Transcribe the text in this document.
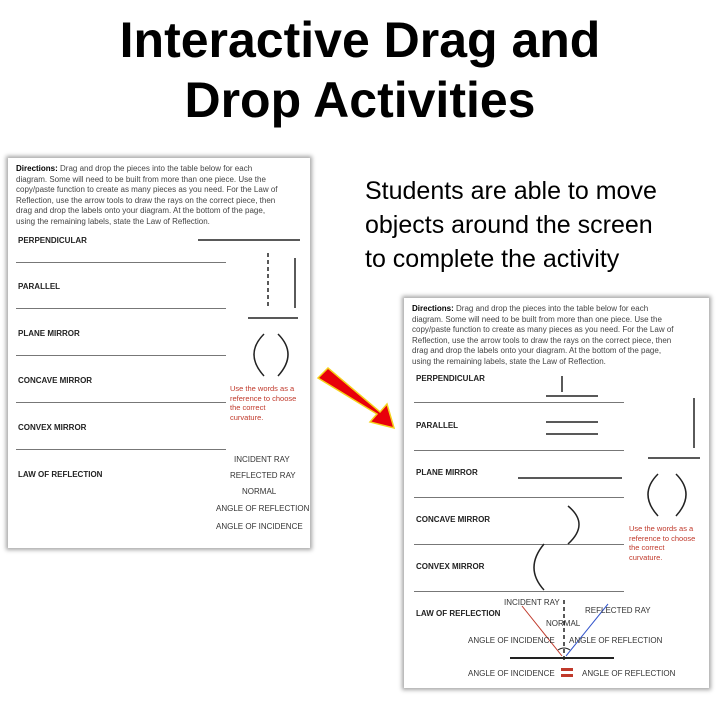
Interactive Drag and
Drop Activities
Students are able to move
objects around the screen
to complete the activity
Directions: Drag and drop the pieces into the table below for each
diagram. Some will need to be built from more than one piece. Use the
copy/paste function to create as many pieces as you need. For the Law of
Reflection, use the arrow tools to draw the rays on the correct piece, then
drag and drop the labels onto your diagram. At the bottom of the page,
using the remaining labels, state the Law of Reflection.
PERPENDICULAR
PARALLEL
PLANE MIRROR
CONCAVE MIRROR
CONVEX MIRROR
LAW OF REFLECTION
Use the words as a
reference to choose
the correct
curvature.
INCIDENT RAY
REFLECTED RAY
NORMAL
ANGLE OF REFLECTION
ANGLE OF INCIDENCE
Directions: Drag and drop the pieces into the table below for each
diagram. Some will need to be built from more than one piece. Use the
copy/paste function to create as many pieces as you need. For the Law of
Reflection, use the arrow tools to draw the rays on the correct piece, then
drag and drop the labels onto your diagram. At the bottom of the page,
using the remaining labels, state the Law of Reflection.
PERPENDICULAR
PARALLEL
PLANE MIRROR
CONCAVE MIRROR
CONVEX MIRROR
LAW OF REFLECTION
Use the words as a
reference to choose
the correct
curvature.
INCIDENT RAY
REFLECTED RAY
NORMAL
ANGLE OF INCIDENCE ANGLE OF REFLECTION
ANGLE OF INCIDENCE	ANGLE OF REFLECTION
